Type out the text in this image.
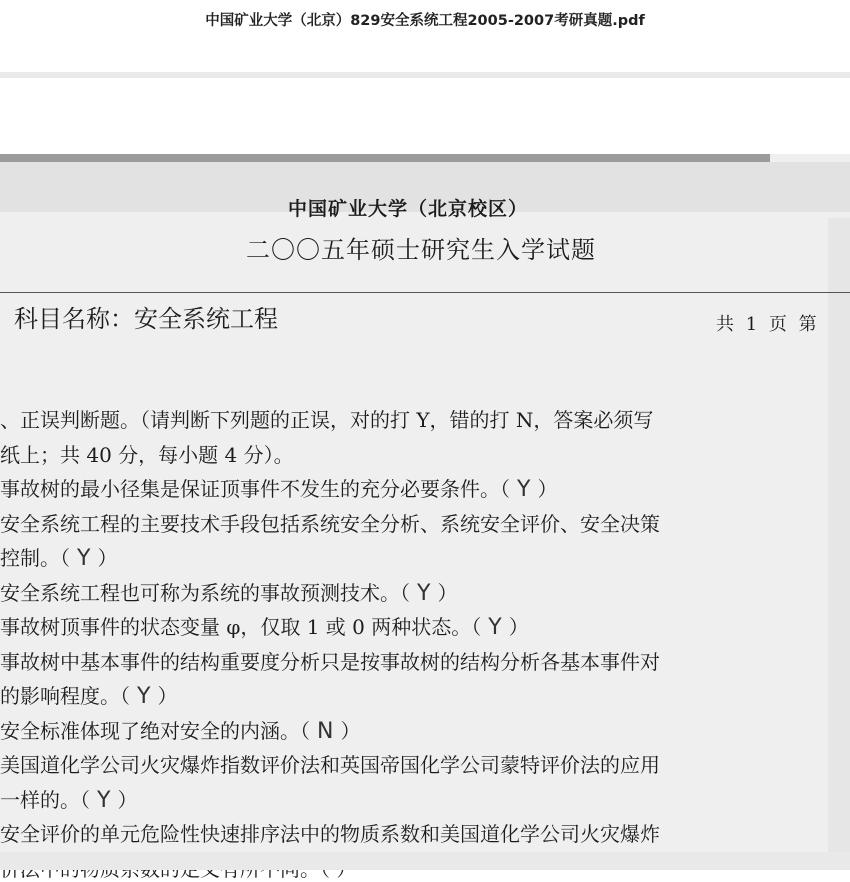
中国矿业大学（北京）829安全系统工程2005-2007考研真题.pdf
中国矿业大学（北京校区）
二〇〇五年硕士研究生入学试题
科目名称：安全系统工程	共 1 页 第
、正误判断题。（请判断下列题的正误，对的打 Y，错的打 N，答案必须写
纸上；共 40 分，每小题 4 分）。
事故树的最小径集是保证顶事件不发生的充分必要条件。（ Y ）
安全系统工程的主要技术手段包括系统安全分析、系统安全评价、安全决策
控制。（ Y ）
安全系统工程也可称为系统的事故预测技术。（ Y ）
事故树顶事件的状态变量 φ，仅取 1 或 0 两种状态。（ Y ）
事故树中基本事件的结构重要度分析只是按事故树的结构分析各基本事件对
的影响程度。（ Y ）
安全标准体现了绝对安全的内涵。（ N ）
美国道化学公司火灾爆炸指数评价法和英国帝国化学公司蒙特评价法的应用
一样的。（ Y ）
安全评价的单元危险性快速排序法中的物质系数和美国道化学公司火灾爆炸
